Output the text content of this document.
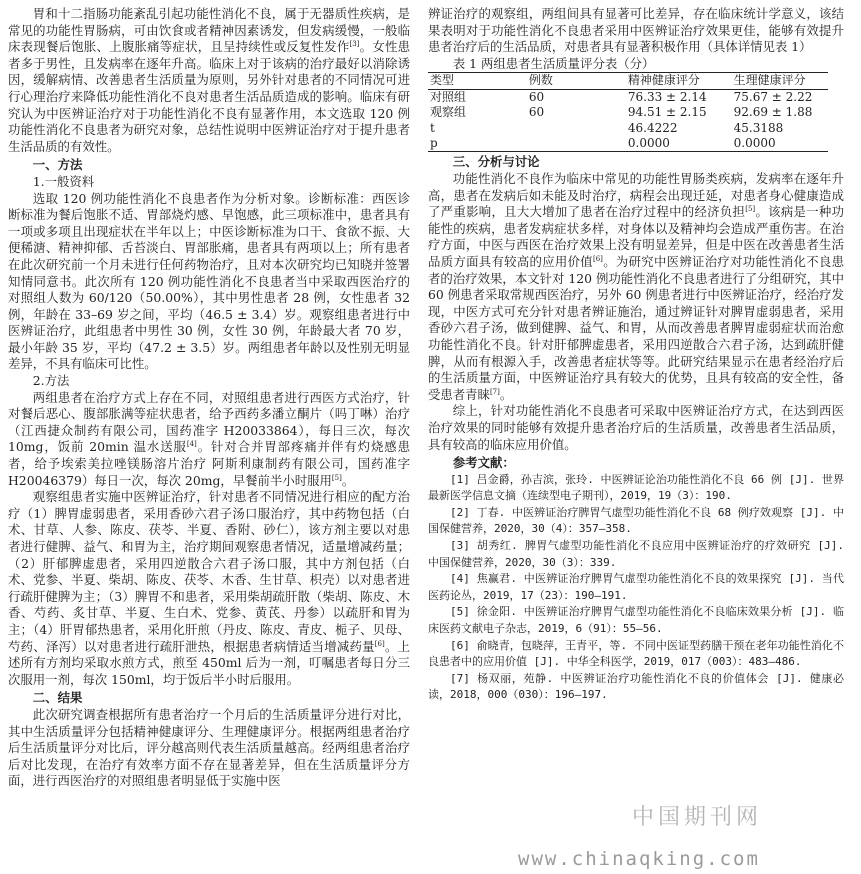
胃和十二指肠功能紊乱引起功能性消化不良，属于无器质性疾病，是常见的功能性胃肠病，可由饮食或者精神因素诱发，但发病缓慢，一般临床表现餐后饱胀、上腹胀痛等症状，且呈持续性或反复性发作[3]。女性患者多于男性，且发病率在逐年升高。临床上对于该病的治疗最好以消除诱因，缓解病情、改善患者生活质量为原则，另外针对患者的不同情况可进行心理治疗来降低功能性消化不良对患者生活品质造成的影响。临床有研究认为中医辨证治疗对于功能性消化不良有显著作用，本文选取 120 例功能性消化不良患者为研究对象，总结性说明中医辨证治疗对于提升患者生活品质的有效性。

一、方法

1.一般资料

选取 120 例功能性消化不良患者作为分析对象。诊断标准：西医诊断标准为餐后饱胀不适、胃部烧灼感、早饱感，此三项标准中，患者具有一项或多项且出现症状在半年以上；中医诊断标准为口干、食欲不振、大便稀溏、精神抑郁、舌苔淡白、胃部胀痛，患者具有两项以上；所有患者在此次研究前一个月未进行任何药物治疗，且对本次研究均已知晓并签署知情同意书。此次所有 120 例功能性消化不良患者当中采取西医治疗的对照组人数为 60/120（50.00%），其中男性患者 28 例，女性患者 32 例，年龄在 33–69 岁之间，平均（46.5 ± 3.4）岁。观察组患者进行中医辨证治疗，此组患者中男性 30 例，女性 30 例，年龄最大者 70 岁，最小年龄 35 岁，平均（47.2 ± 3.5）岁。两组患者年龄以及性别无明显差异，不具有临床可比性。

2.方法

两组患者在治疗方式上存在不同，对照组患者进行西医方式治疗，针对餐后恶心、腹部胀满等症状患者，给予西药多潘立酮片（吗丁啉）治疗（江西捷众制药有限公司，国药准字 H20033864），每日三次，每次 10mg，饭前 20min 温水送服[4]。针对合并胃部疼痛并伴有灼烧感患者，给予埃索美拉唑镁肠溶片治疗 阿斯利康制药有限公司，国药准字 H20046379）每日一次，每次 20mg，早餐前半小时服用[5]。

观察组患者实施中医辨证治疗，针对患者不同情况进行相应的配方治疗（1）脾胃虚弱患者，采用香砂六君子汤口服治疗，其中药物包括（白术、甘草、人参、陈皮、茯苓、半夏、香附、砂仁），该方剂主要以对患者进行健脾、益气、和胃为主，治疗期间观察患者情况，适量增减药量；（2）肝郁脾虚患者，采用四逆散合六君子汤口服，其中方剂包括（白术、党参、半夏、柴胡、陈皮、茯苓、木香、生甘草、枳壳）以对患者进行疏肝健脾为主；（3）脾胃不和患者，采用柴胡疏肝散（柴胡、陈皮、木香、芍药、炙甘草、半夏、生白术、党参、黄芪、丹参）以疏肝和胃为主；（4）肝胃郁热患者，采用化肝煎（丹皮、陈皮、青皮、栀子、贝母、芍药、泽泻）以对患者进行疏肝泄热，根据患者病情适当增减药量[6]。上述所有方剂均采取水煎方式，煎至 450ml 后为一剂，叮嘱患者每日分三次服用一剂，每次 150ml，均于饭后半小时后服用。

二、结果

此次研究调查根据所有患者治疗一个月后的生活质量评分进行对比，其中生活质量评分包括精神健康评分、生理健康评分。根据两组患者治疗后生活质量评分对比后，评分越高则代表生活质量越高。经两组患者治疗后对比发现，在治疗有效率方面不存在显著差异，但在生活质量评分方面，进行西医治疗的对照组患者明显低于实施中医

辨证治疗的观察组，两组间具有显著可比差异，存在临床统计学意义，该结果表明对于功能性消化不良患者采用中医辨证治疗效果更佳，能够有效提升患者治疗后的生活品质，对患者具有显著积极作用（具体详情见表 1）

表 1 两组患者生活质量评分表（分）

类型	例数	精神健康评分	生理健康评分
对照组	60	76.33 ± 2.14	75.67 ± 2.22
观察组	60	94.51 ± 2.15	92.69 ± 1.88
t		46.4222	45.3188
p		0.0000	0.0000

三、分析与讨论

功能性消化不良作为临床中常见的功能性胃肠类疾病，发病率在逐年升高，患者在发病后如未能及时治疗，病程会出现迁延，对患者身心健康造成了严重影响，且大大增加了患者在治疗过程中的经济负担[5]。该病是一种功能性的疾病，患者发病症状多样，对身体以及精神均会造成严重伤害。在治疗方面，中医与西医在治疗效果上没有明显差异，但是中医在改善患者生活品质方面具有较高的应用价值[6]。为研究中医辨证治疗对功能性消化不良患者的治疗效果，本文针对 120 例功能性消化不良患者进行了分组研究，其中 60 例患者采取常规西医治疗，另外 60 例患者进行中医辨证治疗，经治疗发现，中医方式可充分针对患者辨证施治，通过辨证针对脾胃虚弱患者，采用香砂六君子汤，做到健脾、益气、和胃，从而改善患者脾胃虚弱症状而治愈功能性消化不良。针对肝郁脾虚患者，采用四逆散合六君子汤，达到疏肝健脾，从而有根源入手，改善患者症状等等。此研究结果显示在患者经治疗后的生活质量方面，中医辨证治疗具有较大的优势，且具有较高的安全性，备受患者青睐[7]。

综上，针对功能性消化不良患者可采取中医辨证治疗方式，在达到西医治疗效果的同时能够有效提升患者治疗后的生活质量，改善患者生活品质，具有较高的临床应用价值。

参考文献：

[1] 吕金爵，孙吉滨，张玲. 中医辨证论治功能性消化不良 66 例 [J]. 世界最新医学信息文摘（连续型电子期刊），2019，19（3）：190.

[2] 丁春. 中医辨证治疗脾胃气虚型功能性消化不良 68 例疗效观察 [J]. 中国保健营养，2020，30（4）：357–358.

[3] 胡秀红. 脾胃气虚型功能性消化不良应用中医辨证治疗的疗效研究 [J]. 中国保健营养，2020，30（3）：339.

[4] 焦赢君. 中医辨证治疗脾胃气虚型功能性消化不良的效果探究 [J]. 当代医药论丛，2019，17（23）：190–191.

[5] 徐金阳. 中医辨证治疗脾胃气虚型功能性消化不良临床效果分析 [J]. 临床医药文献电子杂志，2019，6（91）：55–56.

[6] 俞晓青，包晓萍，王青平，等. 不同中医证型药膳干预在老年功能性消化不良患者中的应用价值 [J]. 中华全科医学，2019，017（003）：483–486.

[7] 杨双丽，苑静. 中医辨证治疗功能性消化不良的价值体会 [J]. 健康必读，2018，000（030）：196–197.

中国期刊网
www.chinaqking.com
